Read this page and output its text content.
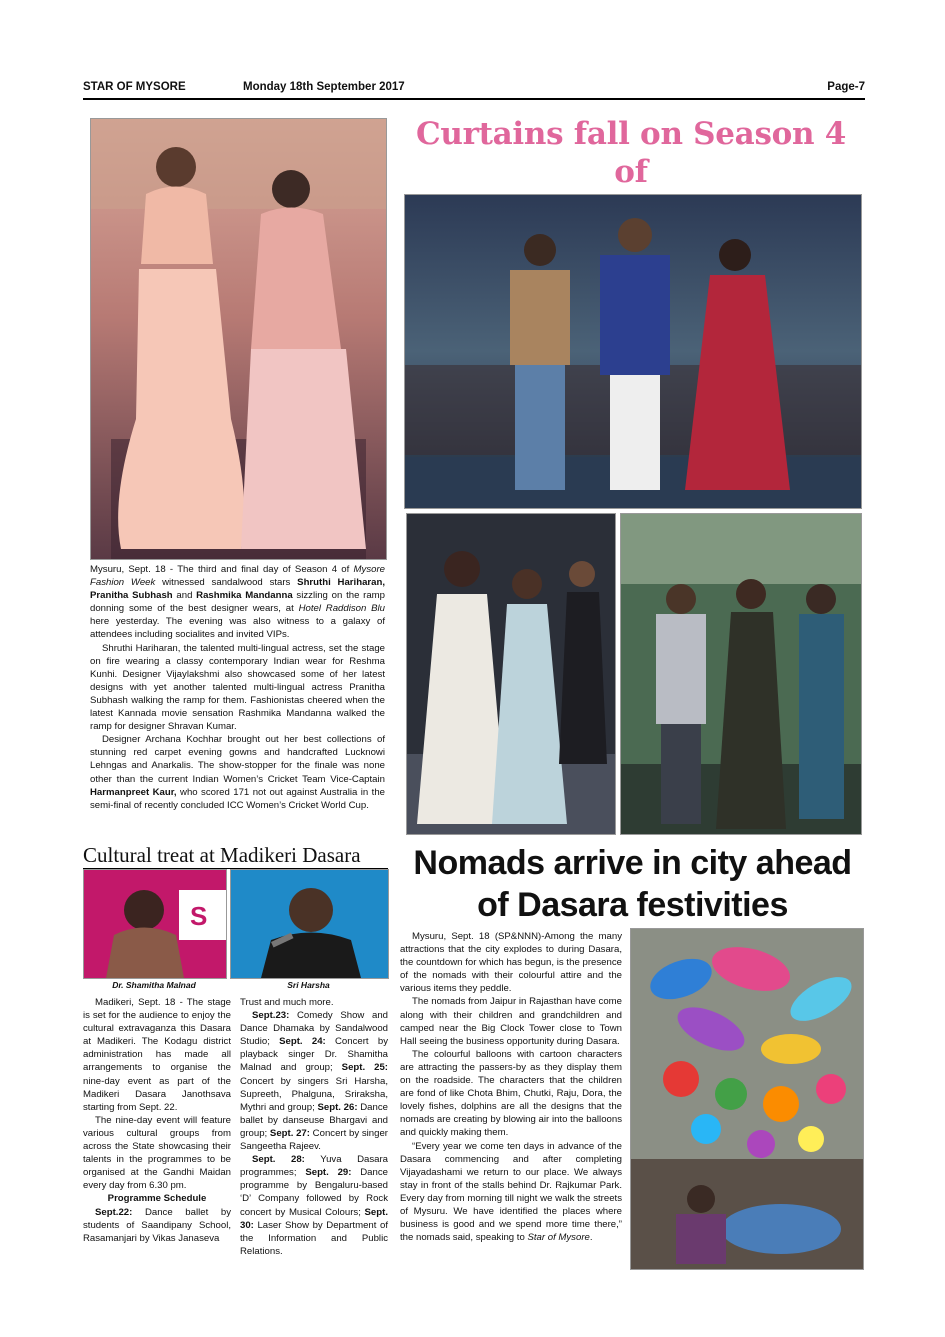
STAR OF MYSORE	Monday 18th September 2017	Page-7
Curtains fall on Season 4 of

Mysuru, Sept. 18 - The third and final day of Season 4 of Mysore Fashion Week witnessed sandalwood stars Shruthi Hariharan, Pranitha Subhash and Rashmika Mandanna sizzling on the ramp donning some of the best designer wears, at Hotel Raddison Blu here yesterday. The evening was also witness to a galaxy of attendees including socialites and invited VIPs.

Shruthi Hariharan, the talented multi-lingual actress, set the stage on fire wearing a classy contemporary Indian wear for Reshma Kunhi. Designer Vijaylakshmi also showcased some of her latest designs with yet another talented multi-lingual actress Pranitha Subhash walking the ramp for them. Fashionistas cheered when the latest Kannada movie sensation Rashmika Mandanna walked the ramp for designer Shravan Kumar.

Designer Archana Kochhar brought out her best collections of stunning red carpet evening gowns and handcrafted Lucknowi Lehngas and Anarkalis. The show-stopper for the finale was none other than the current Indian Women’s Cricket Team Vice-Captain Harmanpreet Kaur, who scored 171 not out against Australia in the semi-final of recently concluded ICC Women’s Cricket World Cup.

Cultural treat at Madikeri Dasara
S
Dr. Shamitha Malnad	Sri Harsha

Madikeri, Sept. 18 - The stage is set for the audience to enjoy the cultural extravaganza this Dasara at Madikeri. The Kodagu district administration has made all arrangements to organise the nine-day event as part of the Madikeri Dasara Janothsava starting from Sept. 22.

The nine-day event will feature various cultural groups from across the State showcasing their talents in the programmes to be organised at the Gandhi Maidan every day from 6.30 pm.

Programme Schedule

Sept.22: Dance ballet by students of Saandipany School, Rasamanjari by Vikas Janaseva

Trust and much more.

Sept.23: Comedy Show and Dance Dhamaka by Sandalwood Studio; Sept. 24: Concert by playback singer Dr. Shamitha Malnad and group; Sept. 25: Concert by singers Sri Harsha, Supreeth, Phalguna, Sriraksha, Mythri and group; Sept. 26: Dance ballet by danseuse Bhargavi and group; Sept. 27: Concert by singer Sangeetha Rajeev.

Sept. 28: Yuva Dasara programmes; Sept. 29: Dance programme by Bengaluru-based ‘D’ Company followed by Rock concert by Musical Colours; Sept. 30: Laser Show by Department of the Information and Public Relations.

Nomads arrive in city ahead
of Dasara festivities

Mysuru, Sept. 18 (SP&NNN)-Among the many attractions that the city explodes to during Dasara, the countdown for which has begun, is the presence of the nomads with their colourful attire and the various items they peddle.

The nomads from Jaipur in Rajasthan have come along with their children and grandchildren and camped near the Big Clock Tower close to Town Hall seeing the business opportunity during Dasara.

The colourful balloons with cartoon characters are attracting the passers-by as they display them on the roadside. The characters that the children are fond of like Chota Bhim, Chutki, Raju, Dora, the lovely fishes, dolphins are all the designs that the nomads are creating by blowing air into the balloons and quickly making them.

“Every year we come ten days in advance of the Dasara commencing and after completing Vijayadashami we return to our place. We always stay in front of the stalls behind Dr. Rajkumar Park. Every day from morning till night we walk the streets of Mysuru. We have identified the places where business is good and we spend more time there,” the nomads said, speaking to Star of Mysore.
